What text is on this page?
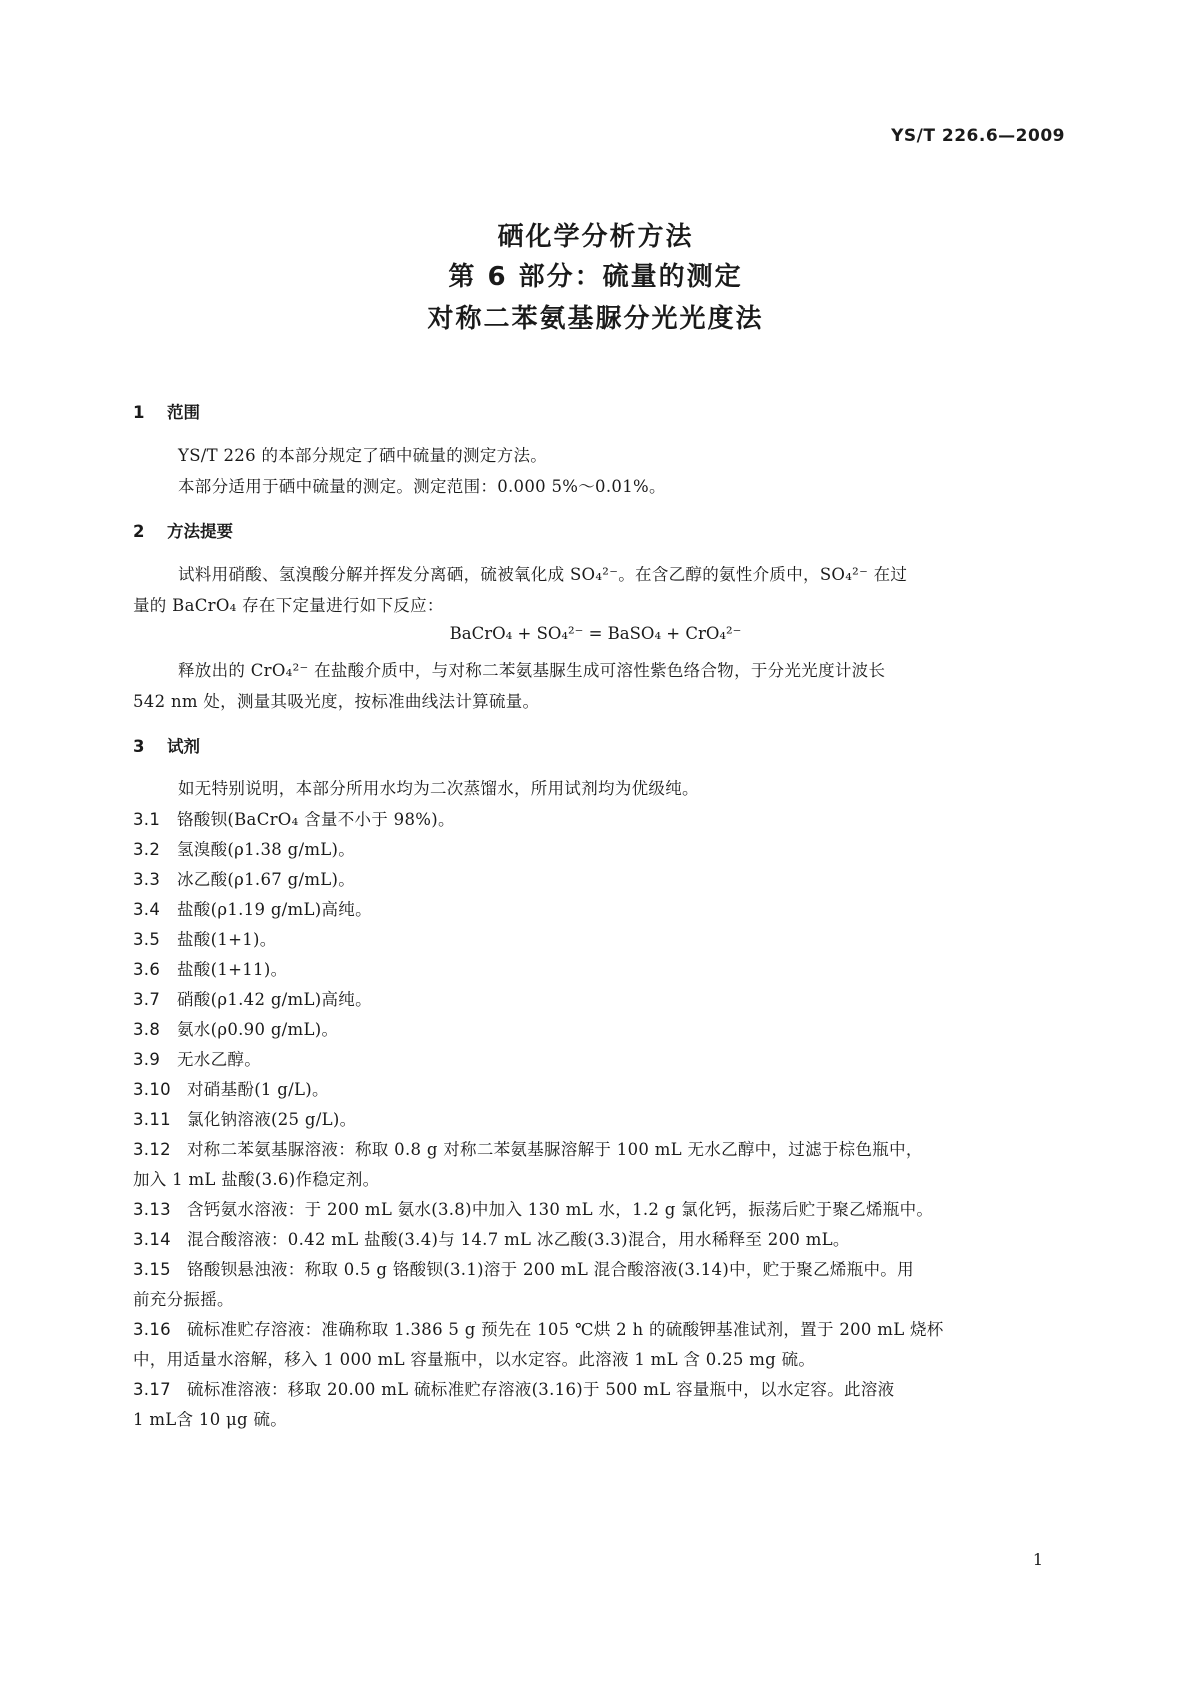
YS/T 226.6—2009
硒化学分析方法
第 6 部分：硫量的测定
对称二苯氨基脲分光光度法
1 范围
YS/T 226 的本部分规定了硒中硫量的测定方法。
本部分适用于硒中硫量的测定。测定范围：0.000 5%～0.01%。
2 方法提要
试料用硝酸、氢溴酸分解并挥发分离硒，硫被氧化成 SO₄²⁻。在含乙醇的氨性介质中，SO₄²⁻ 在过
量的 BaCrO₄ 存在下定量进行如下反应：
BaCrO₄ + SO₄²⁻ = BaSO₄ + CrO₄²⁻
释放出的 CrO₄²⁻ 在盐酸介质中，与对称二苯氨基脲生成可溶性紫色络合物，于分光光度计波长
542 nm 处，测量其吸光度，按标准曲线法计算硫量。
3 试剂
如无特别说明，本部分所用水均为二次蒸馏水，所用试剂均为优级纯。
3.1 铬酸钡(BaCrO₄ 含量不小于 98%)。
3.2 氢溴酸(ρ1.38 g/mL)。
3.3 冰乙酸(ρ1.67 g/mL)。
3.4 盐酸(ρ1.19 g/mL)高纯。
3.5 盐酸(1+1)。
3.6 盐酸(1+11)。
3.7 硝酸(ρ1.42 g/mL)高纯。
3.8 氨水(ρ0.90 g/mL)。
3.9 无水乙醇。
3.10 对硝基酚(1 g/L)。
3.11 氯化钠溶液(25 g/L)。
3.12 对称二苯氨基脲溶液：称取 0.8 g 对称二苯氨基脲溶解于 100 mL 无水乙醇中，过滤于棕色瓶中，
加入 1 mL 盐酸(3.6)作稳定剂。
3.13 含钙氨水溶液：于 200 mL 氨水(3.8)中加入 130 mL 水，1.2 g 氯化钙，振荡后贮于聚乙烯瓶中。
3.14 混合酸溶液：0.42 mL 盐酸(3.4)与 14.7 mL 冰乙酸(3.3)混合，用水稀释至 200 mL。
3.15 铬酸钡悬浊液：称取 0.5 g 铬酸钡(3.1)溶于 200 mL 混合酸溶液(3.14)中，贮于聚乙烯瓶中。用
前充分振摇。
3.16 硫标准贮存溶液：准确称取 1.386 5 g 预先在 105 ℃烘 2 h 的硫酸钾基准试剂，置于 200 mL 烧杯
中，用适量水溶解，移入 1 000 mL 容量瓶中，以水定容。此溶液 1 mL 含 0.25 mg 硫。
3.17 硫标准溶液：移取 20.00 mL 硫标准贮存溶液(3.16)于 500 mL 容量瓶中，以水定容。此溶液
1 mL含 10 μg 硫。
1
